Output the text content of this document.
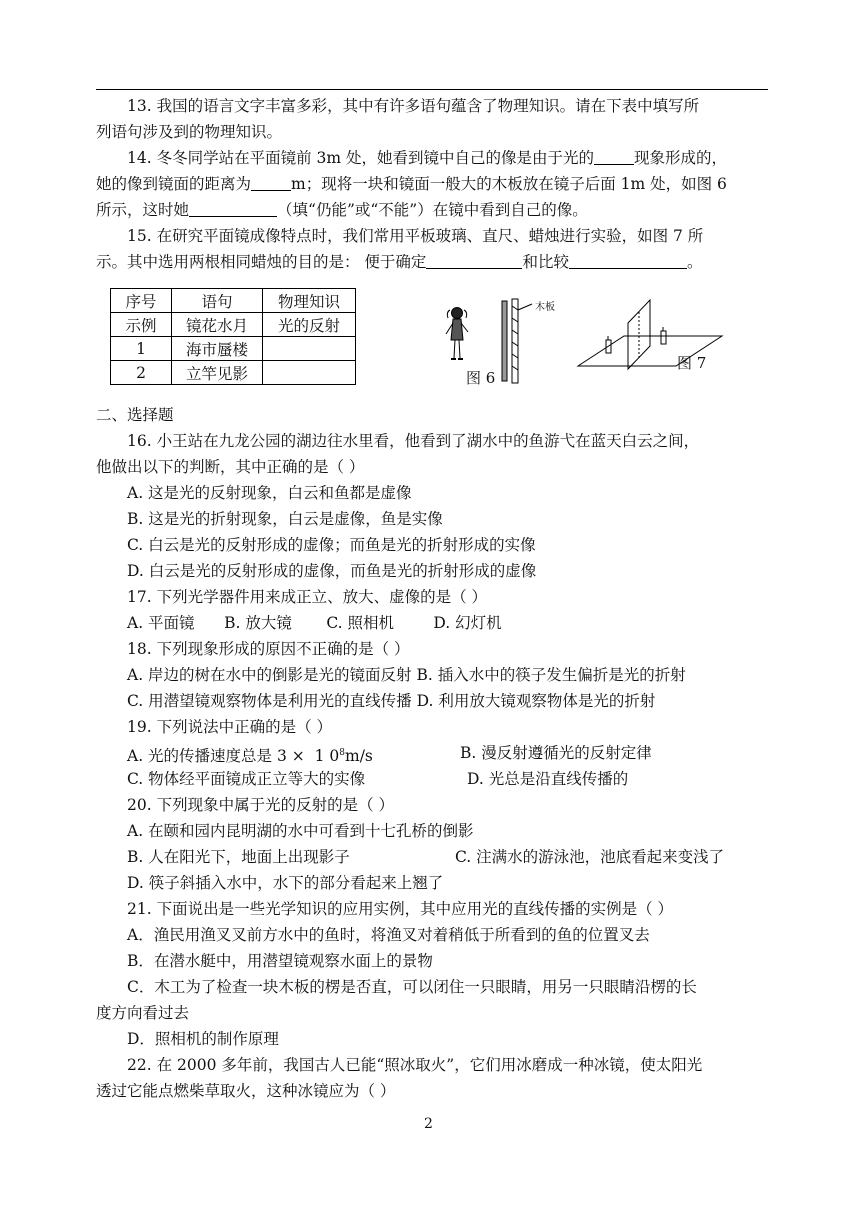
13. 我国的语言文字丰富多彩，其中有许多语句蕴含了物理知识。请在下表中填写所
列语句涉及到的物理知识。
14. 冬冬同学站在平面镜前 3m 处，她看到镜中自己的像是由于光的	现象形成的，
她的像到镜面的距离为	m；现将一块和镜面一般大的木板放在镜子后面 1m 处，如图 6
所示，这时她	（填“仍能”或“不能”）在镜中看到自己的像。
15. 在研究平面镜成像特点时，我们常用平板玻璃、直尺、蜡烛进行实验，如图 7 所
示。其中选用两根相同蜡烛的目的是： 便于确定	和比较	。
序号	语句	物理知识
示例	镜花水月	光的反射
1	海市蜃楼	
2	立竿见影	
木板
图 6
图 7
二、选择题
16. 小王站在九龙公园的湖边往水里看，他看到了湖水中的鱼游弋在蓝天白云之间，
他做出以下的判断，其中正确的是（ ）
A. 这是光的反射现象，白云和鱼都是虚像
B. 这是光的折射现象，白云是虚像，鱼是实像
C. 白云是光的反射形成的虚像；而鱼是光的折射形成的实像
D. 白云是光的反射形成的虚像，而鱼是光的折射形成的虚像
17. 下列光学器件用来成正立、放大、虚像的是（ ）
A. 平面镜      B. 放大镜       C. 照相机        D. 幻灯机
18. 下列现象形成的原因不正确的是（ ）
A. 岸边的树在水中的倒影是光的镜面反射 B. 插入水中的筷子发生偏折是光的折射
C. 用潜望镜观察物体是利用光的直线传播 D. 利用放大镜观察物体是光的折射
19. 下列说法中正确的是（ ）
A. 光的传播速度总是 3 ×  1 $0^8m/s$	B. 漫反射遵循光的反射定律
C. 物体经平面镜成正立等大的实像	D. 光总是沿直线传播的
20. 下列现象中属于光的反射的是（ ）
A. 在颐和园内昆明湖的水中可看到十七孔桥的倒影
B. 人在阳光下，地面上出现影子	C. 注满水的游泳池，池底看起来变浅了
D. 筷子斜插入水中，水下的部分看起来上翘了
21. 下面说出是一些光学知识的应用实例，其中应用光的直线传播的实例是（ ）
A．渔民用渔叉叉前方水中的鱼时，将渔叉对着稍低于所看到的鱼的位置叉去
B．在潜水艇中，用潜望镜观察水面上的景物
C．木工为了检查一块木板的楞是否直，可以闭住一只眼睛，用另一只眼睛沿楞的长
度方向看过去
D．照相机的制作原理
22. 在 2000 多年前，我国古人已能“照冰取火”，它们用冰磨成一种冰镜，使太阳光
透过它能点燃柴草取火，这种冰镜应为（ ）
2
